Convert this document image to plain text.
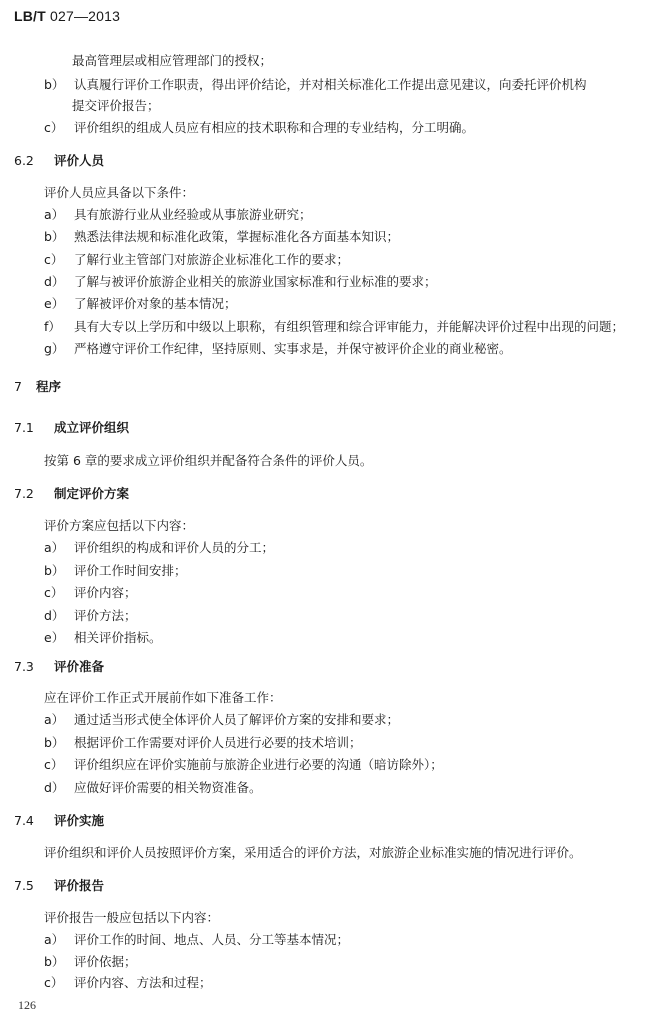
LB/T 027—2013
最高管理层或相应管理部门的授权；
b） 认真履行评价工作职责，得出评价结论，并对相关标准化工作提出意见建议，向委托评价机构
提交评价报告；
c） 评价组织的组成人员应有相应的技术职称和合理的专业结构，分工明确。
6.2 评价人员
评价人员应具备以下条件：
a） 具有旅游行业从业经验或从事旅游业研究；
b） 熟悉法律法规和标准化政策，掌握标准化各方面基本知识；
c） 了解行业主管部门对旅游企业标准化工作的要求；
d） 了解与被评价旅游企业相关的旅游业国家标准和行业标准的要求；
e） 了解被评价对象的基本情况；
f） 具有大专以上学历和中级以上职称，有组织管理和综合评审能力，并能解决评价过程中出现的问题；
g） 严格遵守评价工作纪律，坚持原则、实事求是，并保守被评价企业的商业秘密。
7 程序
7.1 成立评价组织
按第 6 章的要求成立评价组织并配备符合条件的评价人员。
7.2 制定评价方案
评价方案应包括以下内容：
a） 评价组织的构成和评价人员的分工；
b） 评价工作时间安排；
c） 评价内容；
d） 评价方法；
e） 相关评价指标。
7.3 评价准备
应在评价工作正式开展前作如下准备工作：
a） 通过适当形式使全体评价人员了解评价方案的安排和要求；
b） 根据评价工作需要对评价人员进行必要的技术培训；
c） 评价组织应在评价实施前与旅游企业进行必要的沟通（暗访除外）；
d） 应做好评价需要的相关物资准备。
7.4 评价实施
评价组织和评价人员按照评价方案，采用适合的评价方法，对旅游企业标准实施的情况进行评价。
7.5 评价报告
评价报告一般应包括以下内容：
a） 评价工作的时间、地点、人员、分工等基本情况；
b） 评价依据；
c） 评价内容、方法和过程；
126
